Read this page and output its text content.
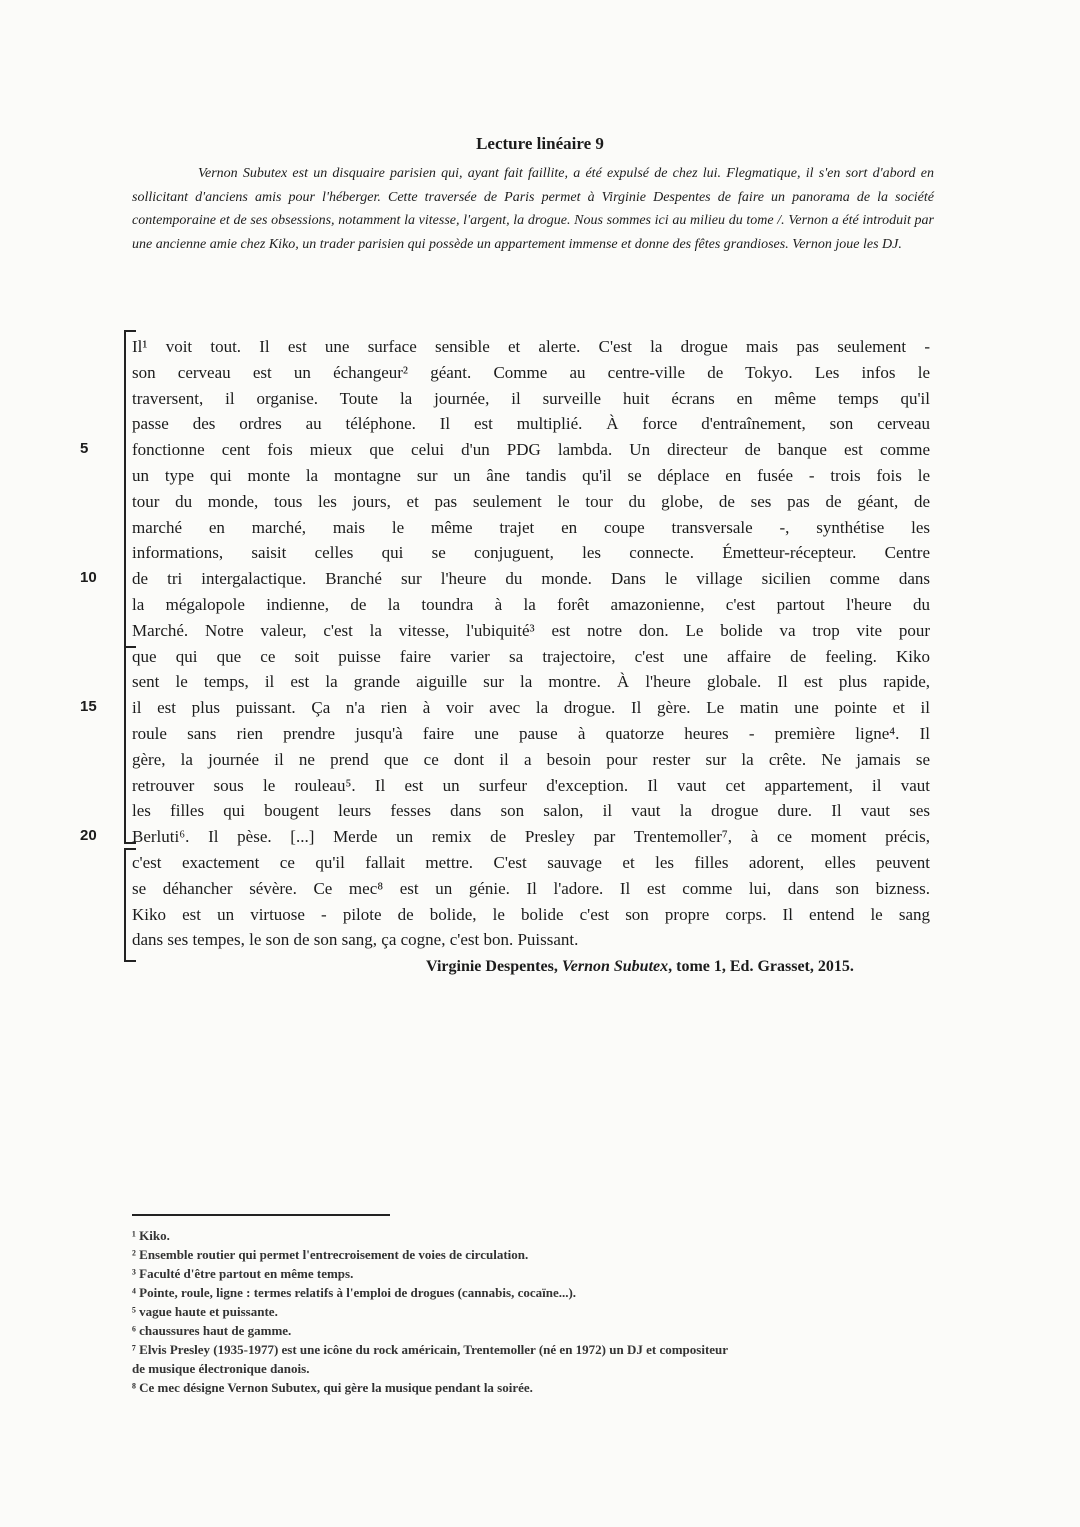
Lecture linéaire 9
Vernon Subutex est un disquaire parisien qui, ayant fait faillite, a été expulsé de chez lui. Flegmatique, il s'en sort d'abord en sollicitant d'anciens amis pour l'héberger. Cette traversée de Paris permet à Virginie Despentes de faire un panorama de la société contemporaine et de ses obsessions, notamment la vitesse, l'argent, la drogue. Nous sommes ici au milieu du tome /. Vernon a été introduit par une ancienne amie chez Kiko, un trader parisien qui possède un appartement immense et donne des fêtes grandioses. Vernon joue les DJ.
5
10
15
20
Il¹ voit tout. Il est une surface sensible et alerte. C'est la drogue mais pas seulement -
son cerveau est un échangeur² géant. Comme au centre-ville de Tokyo. Les infos le
traversent, il organise. Toute la journée, il surveille huit écrans en même temps qu'il
passe des ordres au téléphone. Il est multiplié. À force d'entraînement, son cerveau
fonctionne cent fois mieux que celui d'un PDG lambda. Un directeur de banque est comme
un type qui monte la montagne sur un âne tandis qu'il se déplace en fusée - trois fois le
tour du monde, tous les jours, et pas seulement le tour du globe, de ses pas de géant, de
marché en marché, mais le même trajet en coupe transversale -, synthétise les
informations, saisit celles qui se conjuguent, les connecte. Émetteur-récepteur. Centre
de tri intergalactique. Branché sur l'heure du monde. Dans le village sicilien comme dans
la mégalopole indienne, de la toundra à la forêt amazonienne, c'est partout l'heure du
Marché. Notre valeur, c'est la vitesse, l'ubiquité³ est notre don. Le bolide va trop vite pour
que qui que ce soit puisse faire varier sa trajectoire, c'est une affaire de feeling. Kiko
sent le temps, il est la grande aiguille sur la montre. À l'heure globale. Il est plus rapide,
il est plus puissant. Ça n'a rien à voir avec la drogue. Il gère. Le matin une pointe et il
roule sans rien prendre jusqu'à faire une pause à quatorze heures - première ligne⁴. Il
gère, la journée il ne prend que ce dont il a besoin pour rester sur la crête. Ne jamais se
retrouver sous le rouleau⁵. Il est un surfeur d'exception. Il vaut cet appartement, il vaut
les filles qui bougent leurs fesses dans son salon, il vaut la drogue dure. Il vaut ses
Berluti⁶. Il pèse. [...] Merde un remix de Presley par Trentemoller⁷, à ce moment précis,
c'est exactement ce qu'il fallait mettre. C'est sauvage et les filles adorent, elles peuvent
se déhancher sévère. Ce mec⁸ est un génie. Il l'adore. Il est comme lui, dans son bizness.
Kiko est un virtuose - pilote de bolide, le bolide c'est son propre corps. Il entend le sang
dans ses tempes, le son de son sang, ça cogne, c'est bon. Puissant.
Virginie Despentes, Vernon Subutex, tome 1, Ed. Grasset, 2015.
¹ Kiko.
² Ensemble routier qui permet l'entrecroisement de voies de circulation.
³ Faculté d'être partout en même temps.
⁴ Pointe, roule, ligne : termes relatifs à l'emploi de drogues (cannabis, cocaïne...).
⁵ vague haute et puissante.
⁶ chaussures haut de gamme.
⁷ Elvis Presley (1935-1977) est une icône du rock américain, Trentemoller (né en 1972) un DJ et compositeur
de musique électronique danois.
⁸ Ce mec désigne Vernon Subutex, qui gère la musique pendant la soirée.
